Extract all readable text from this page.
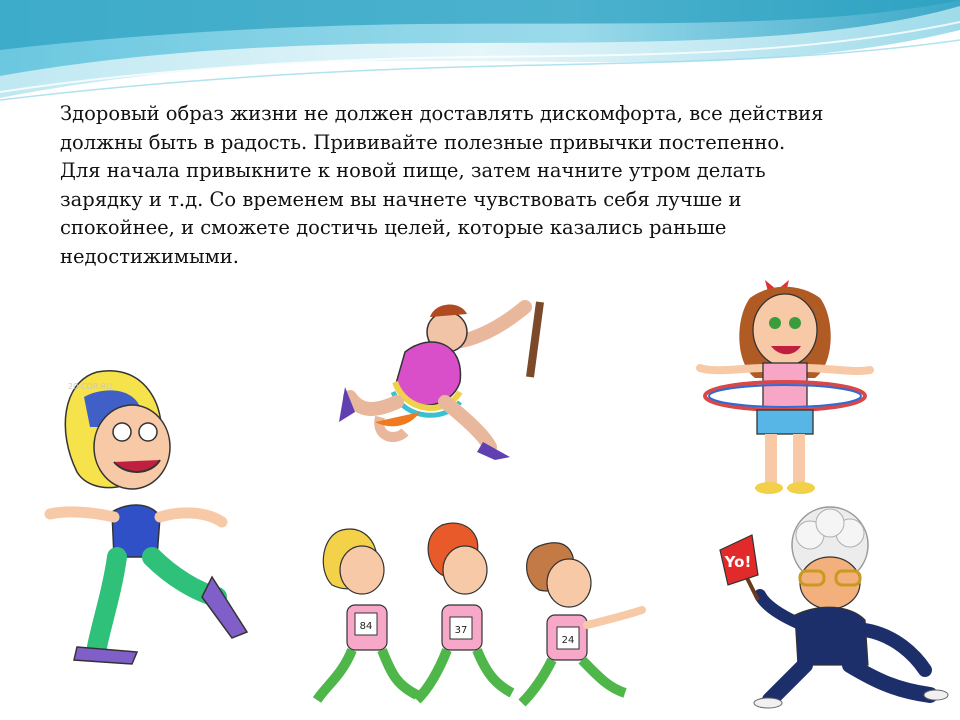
Здоровый образ жизни не должен доставлять дискомфорта, все действия
должны быть в радость. Прививайте полезные привычки постепенно.
Для начала привыкните к новой пище, затем начните утром делать
зарядку и т.д. Со временем вы начнете чувствовать себя лучше и
спокойнее, и сможете достичь целей, которые казались раньше
недостижимыми.

20-CDR.RU
84	37
24
Yo!
